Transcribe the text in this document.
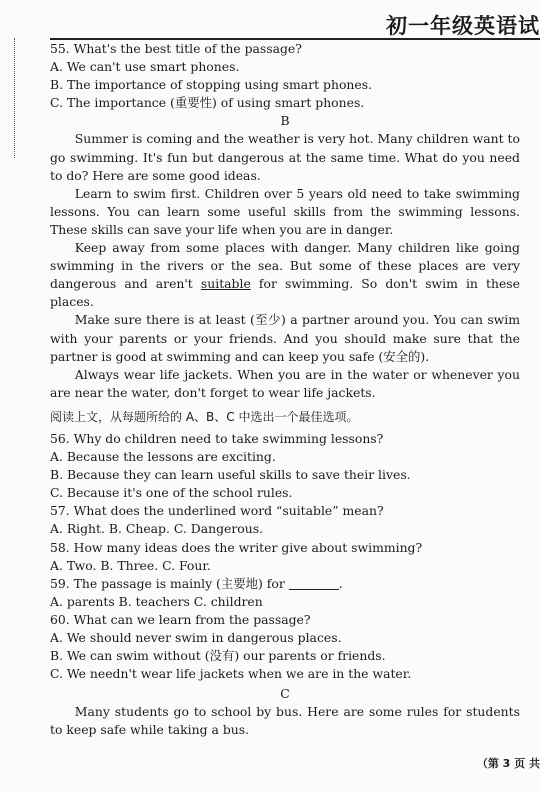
初一年级英语试

55. What's the best title of the passage?

A. We can't use smart phones.

B. The importance of stopping using smart phones.

C. The importance (重要性) of using smart phones.

B

Summer is coming and the weather is very hot. Many children want to go swimming. It's fun but dangerous at the same time. What do you need to do? Here are some good ideas.

Learn to swim first. Children over 5 years old need to take swimming lessons. You can learn some useful skills from the swimming lessons. These skills can save your life when you are in danger.

Keep away from some places with danger. Many children like going swimming in the rivers or the sea. But some of these places are very dangerous and aren't suitable for swimming. So don't swim in these places.

Make sure there is at least (至少) a partner around you. You can swim with your parents or your friends. And you should make sure that the partner is good at swimming and can keep you safe (安全的).

Always wear life jackets. When you are in the water or whenever you are near the water, don't forget to wear life jackets.

阅读上文，从每题所给的 A、B、C 中选出一个最佳选项。

56. Why do children need to take swimming lessons?

A. Because the lessons are exciting.

B. Because they can learn useful skills to save their lives.

C. Because it's one of the school rules.

57. What does the underlined word “suitable” mean?

A. Right. B. Cheap. C. Dangerous.

58. How many ideas does the writer give about swimming?

A. Two. B. Three. C. Four.

59. The passage is mainly (主要地) for	.

A. parents B. teachers C. children

60. What can we learn from the passage?

A. We should never swim in dangerous places.

B. We can swim without (没有) our parents or friends.

C. We needn't wear life jackets when we are in the water.

C

Many students go to school by bus. Here are some rules for students to keep safe while taking a bus.

（第 3 页 共
